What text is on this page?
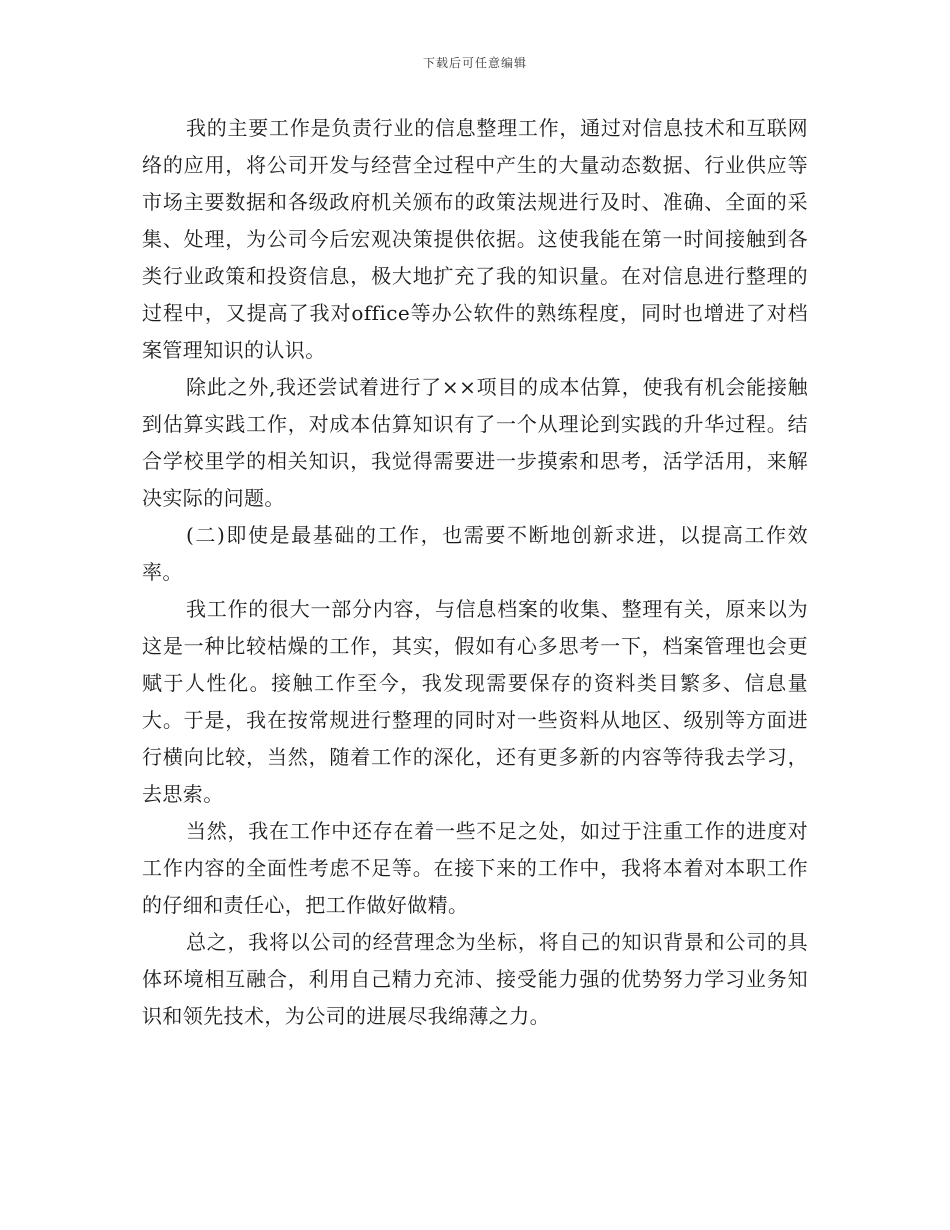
下载后可任意编辑

我的主要工作是负责行业的信息整理工作，通过对信息技术和互联网络的应用，将公司开发与经营全过程中产生的大量动态数据、行业供应等市场主要数据和各级政府机关颁布的政策法规进行及时、准确、全面的采集、处理，为公司今后宏观决策提供依据。这使我能在第一时间接触到各类行业政策和投资信息，极大地扩充了我的知识量。在对信息进行整理的过程中，又提高了我对office等办公软件的熟练程度，同时也增进了对档案管理知识的认识。

除此之外,我还尝试着进行了××项目的成本估算，使我有机会能接触到估算实践工作，对成本估算知识有了一个从理论到实践的升华过程。结合学校里学的相关知识，我觉得需要进一步摸索和思考，活学活用，来解决实际的问题。

(二)即使是最基础的工作，也需要不断地创新求进，以提高工作效率。

我工作的很大一部分内容，与信息档案的收集、整理有关，原来以为这是一种比较枯燥的工作，其实，假如有心多思考一下，档案管理也会更赋于人性化。接触工作至今，我发现需要保存的资料类目繁多、信息量大。于是，我在按常规进行整理的同时对一些资料从地区、级别等方面进行横向比较，当然，随着工作的深化，还有更多新的内容等待我去学习，去思索。

当然，我在工作中还存在着一些不足之处，如过于注重工作的进度对工作内容的全面性考虑不足等。在接下来的工作中，我将本着对本职工作的仔细和责任心，把工作做好做精。

总之，我将以公司的经营理念为坐标，将自己的知识背景和公司的具体环境相互融合，利用自己精力充沛、接受能力强的优势努力学习业务知识和领先技术，为公司的进展尽我绵薄之力。
